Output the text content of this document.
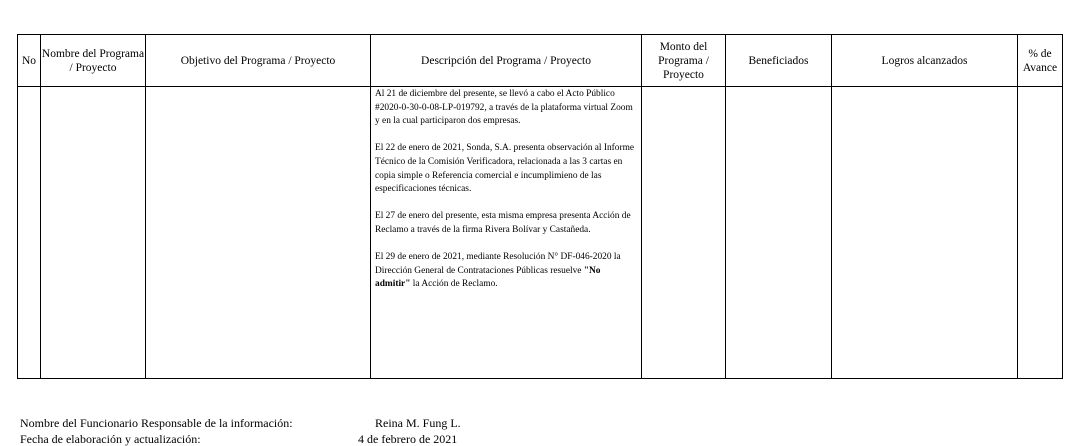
No	Nombre del Programa / Proyecto	Objetivo del Programa / Proyecto	Descripción del Programa / Proyecto	Monto del Programa / Proyecto	Beneficiados	Logros alcanzados	% de Avance

			Al 21 de diciembre del presente, se llevó a cabo el Acto Público #2020-0-30-0-08-LP-019792, a través de la plataforma virtual Zoom y en la cual participaron dos empresas.

El 22 de enero de 2021, Sonda, S.A. presenta observación al Informe Técnico de la Comisión Verificadora, relacionada a las 3 cartas en copia simple o Referencia comercial e incumplimieno de las especificaciones técnicas.

El 27 de enero del presente, esta misma empresa presenta Acción de Reclamo a través de la firma Rivera Bolívar y Castañeda.

El 29 de enero de 2021, mediante Resolución N° DF-046-2020 la Dirección General de Contrataciones Públicas resuelve "No admitir" la Acción de Reclamo.				

Nombre del Funcionario Responsable de la información:	Reina M. Fung L.
Fecha de elaboración y actualización:	4 de febrero de 2021
